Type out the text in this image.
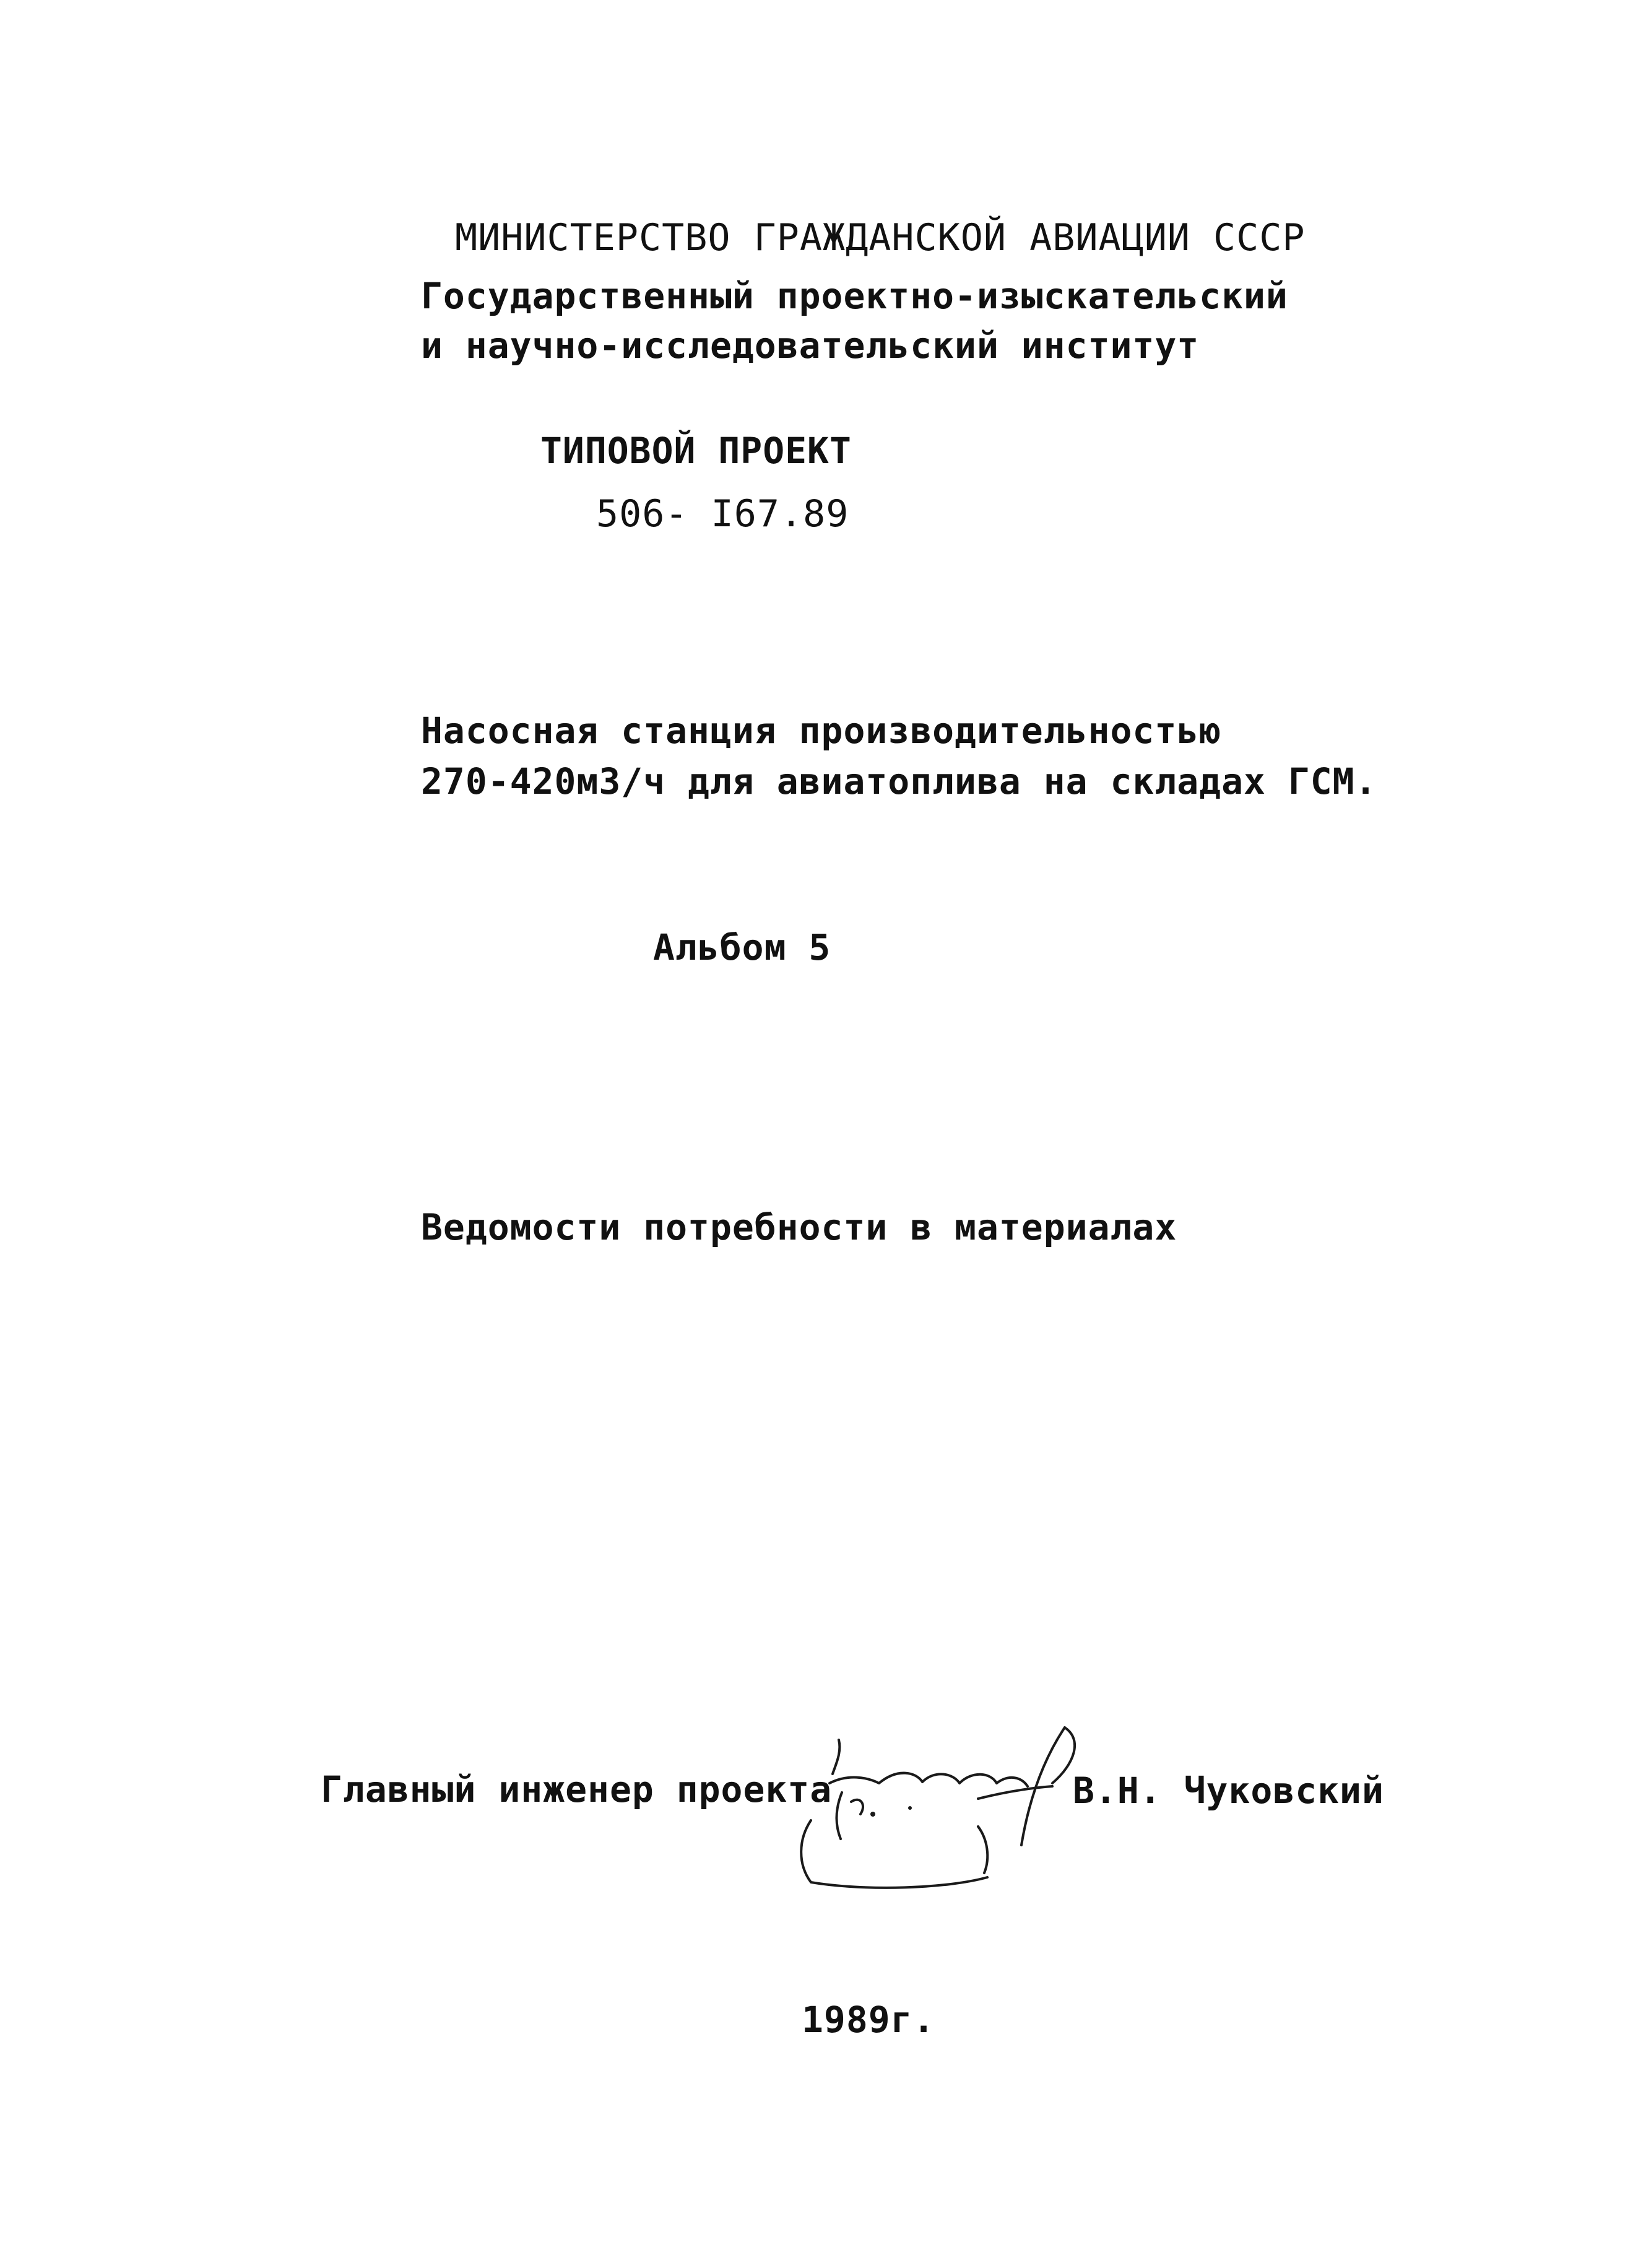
МИНИСТЕРСТВО ГРАЖДАНСКОЙ АВИАЦИИ СССР
Государственный проектно-изыскательский
и научно-исследовательский институт
ТИПОВОЙ ПРОЕКТ
506- I67.89
Насосная станция производительностью
270-420м3/ч для авиатоплива на складах ГСМ.
Альбом 5
Ведомости потребности в материалах
Главный инженер проекта	В.Н. Чуковский
1989г.
